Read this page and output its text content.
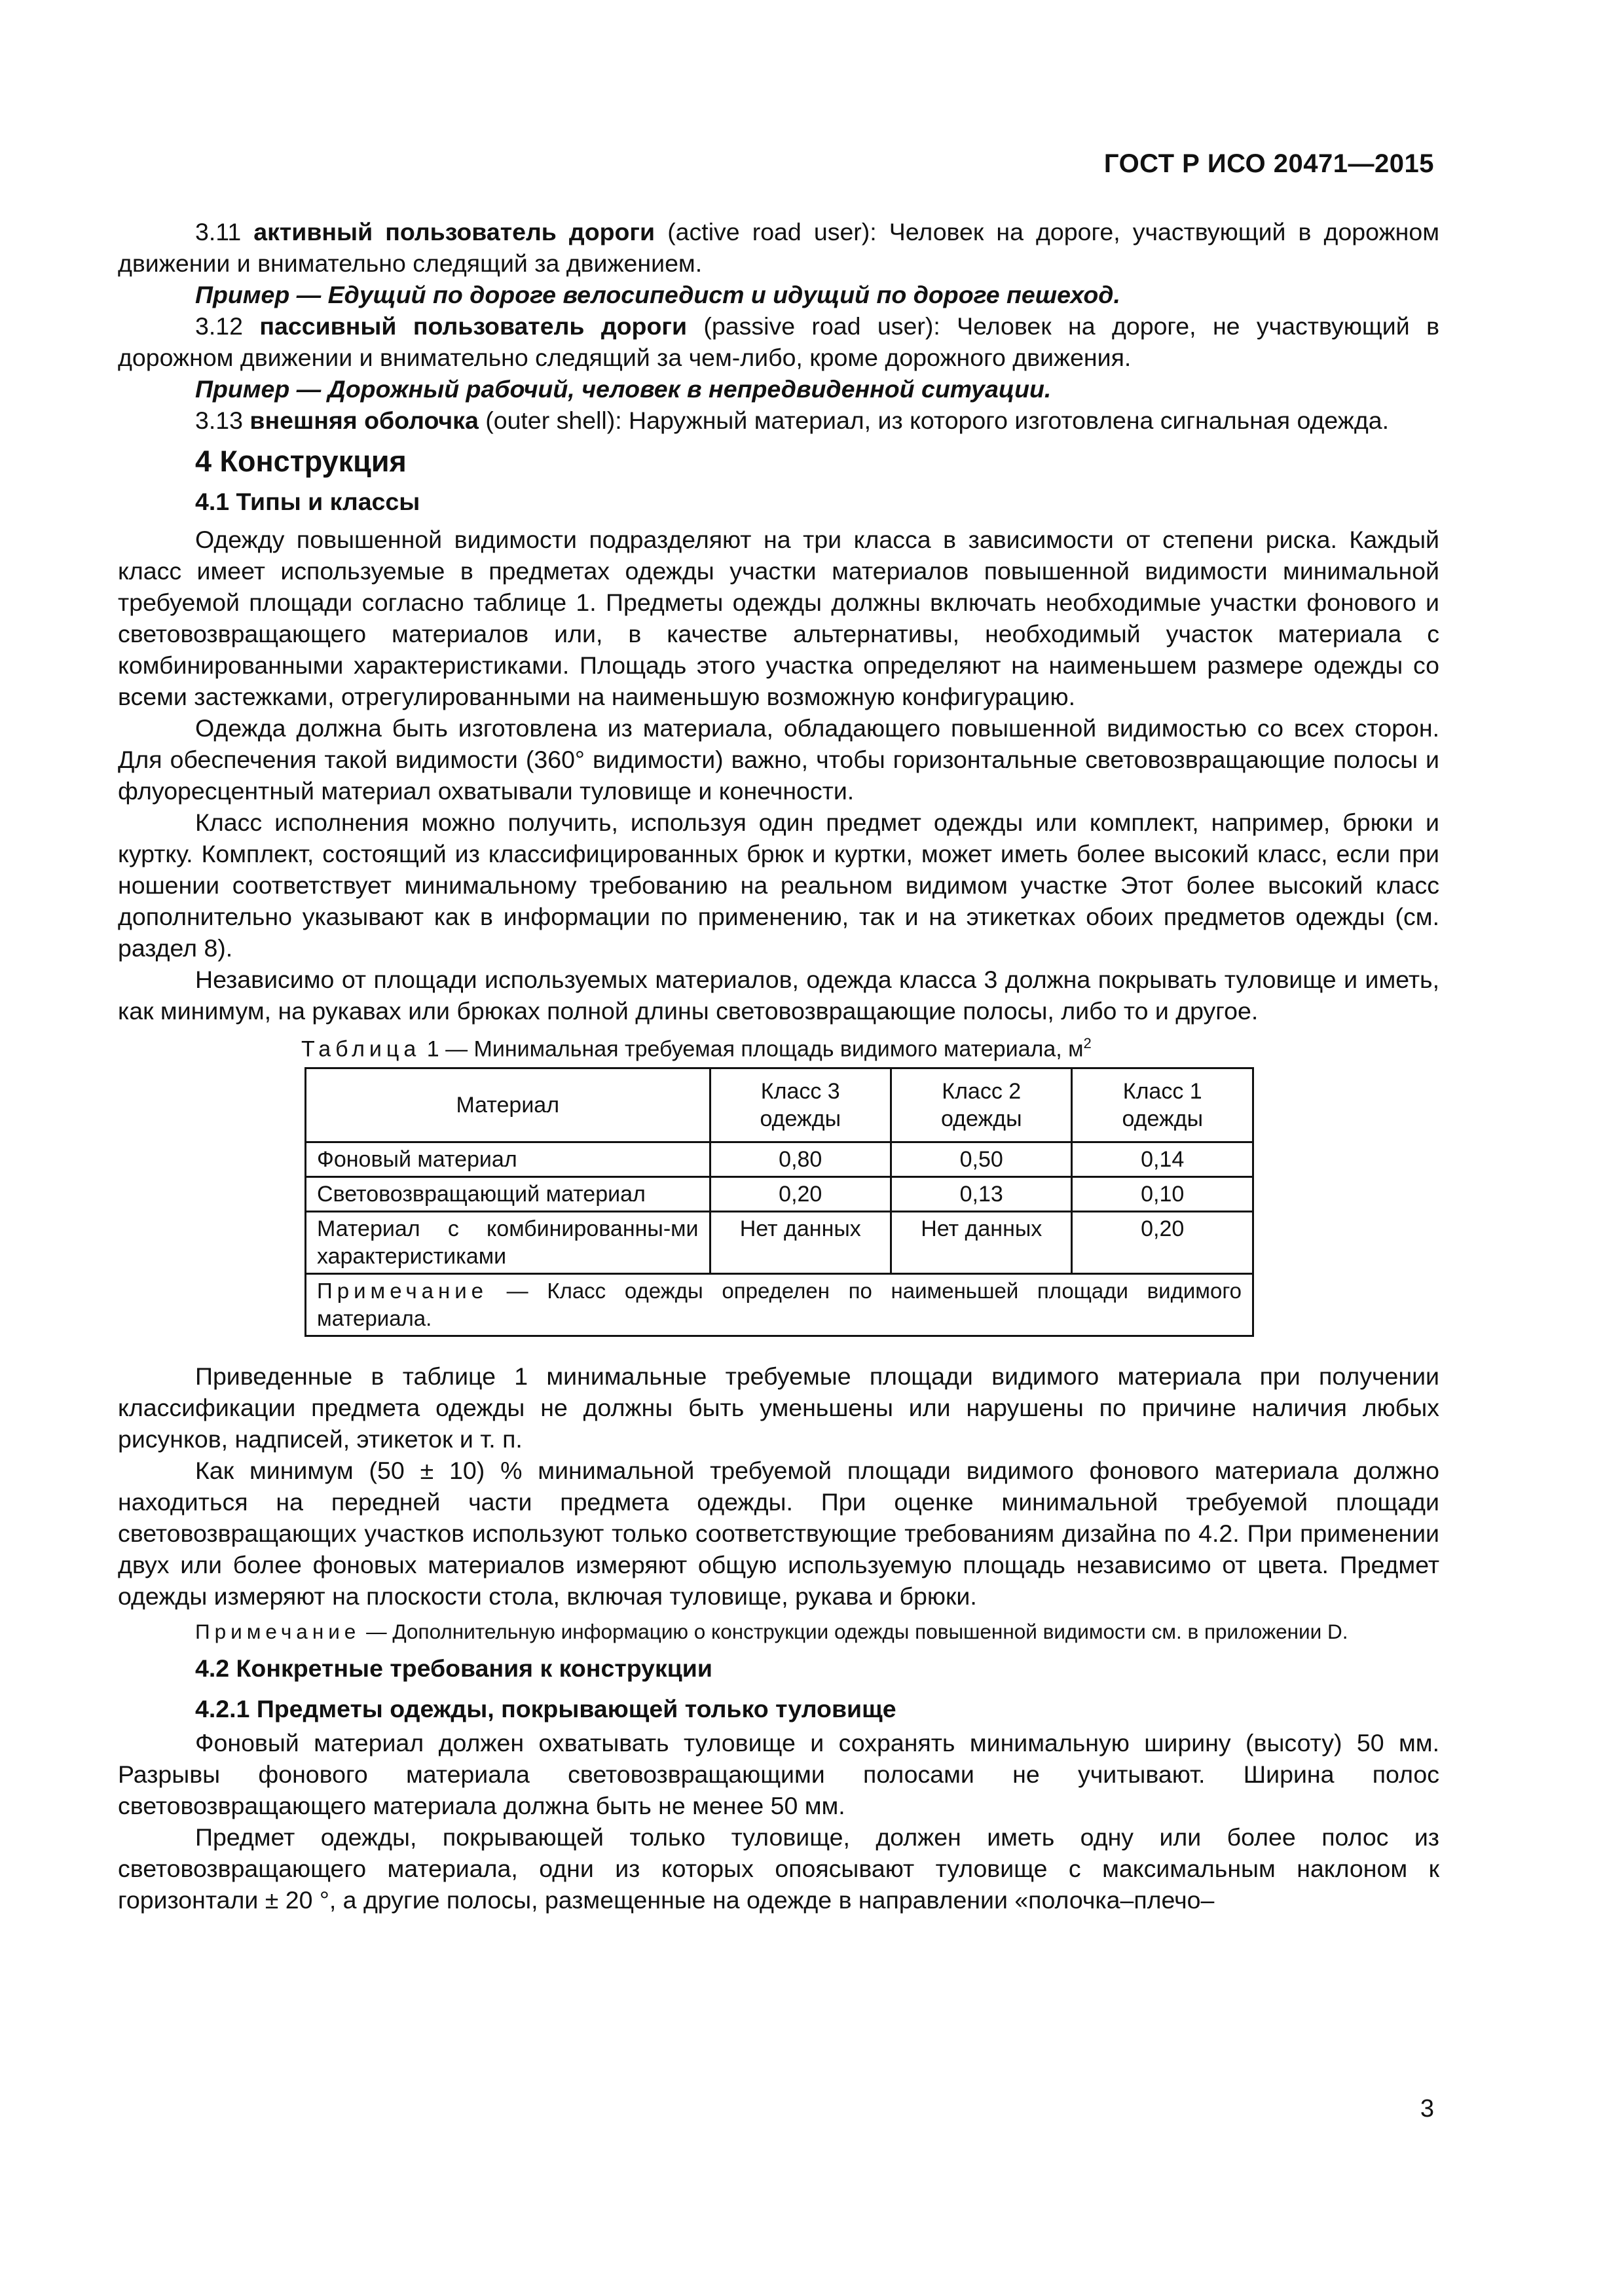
ГОСТ Р ИСО 20471—2015

3.11 активный пользователь дороги (active road user): Человек на дороге, участвующий в дорожном движении и внимательно следящий за движением.

Пример — Едущий по дороге велосипедист и идущий по дороге пешеход.

3.12 пассивный пользователь дороги (passive road user): Человек на дороге, не участвующий в дорожном движении и внимательно следящий за чем-либо, кроме дорожного движения.

Пример — Дорожный рабочий, человек в непредвиденной ситуации.

3.13 внешняя оболочка (outer shell): Наружный материал, из которого изготовлена сигнальная одежда.

4 Конструкция
4.1 Типы и классы

Одежду повышенной видимости подразделяют на три класса в зависимости от степени риска. Каждый класс имеет используемые в предметах одежды участки материалов повышенной видимости минимальной требуемой площади согласно таблице 1. Предметы одежды должны включать необходимые участки фонового и световозвращающего материалов или, в качестве альтернативы, необходимый участок материала с комбинированными характеристиками. Площадь этого участка определяют на наименьшем размере одежды со всеми застежками, отрегулированными на наименьшую возможную конфигурацию.

Одежда должна быть изготовлена из материала, обладающего повышенной видимостью со всех сторон. Для обеспечения такой видимости (360° видимости) важно, чтобы горизонтальные световозвращающие полосы и флуоресцентный материал охватывали туловище и конечности.

Класс исполнения можно получить, используя один предмет одежды или комплект, например, брюки и куртку. Комплект, состоящий из классифицированных брюк и куртки, может иметь более высокий класс, если при ношении соответствует минимальному требованию на реальном видимом участке Этот более высокий класс дополнительно указывают как в информации по применению, так и на этикетках обоих предметов одежды (см. раздел 8).

Независимо от площади используемых материалов, одежда класса 3 должна покрывать туловище и иметь, как минимум, на рукавах или брюках полной длины световозвращающие полосы, либо то и другое.

Таблица 1 — Минимальная требуемая площадь видимого материала, $м^2$
Материал	Класс 3 одежды	Класс 2 одежды	Класс 1 одежды
Фоновый материал	0,80	0,50	0,14
Световозвращающий материал	0,20	0,13	0,10
Материал с комбинированны-ми характеристиками	Нет данных	Нет данных	0,20
Примечание — Класс одежды определен по наименьшей площади видимого материала.			

Приведенные в таблице 1 минимальные требуемые площади видимого материала при получении классификации предмета одежды не должны быть уменьшены или нарушены по причине наличия любых рисунков, надписей, этикеток и т. п.

Как минимум (50 ± 10) % минимальной требуемой площади видимого фонового материала должно находиться на передней части предмета одежды. При оценке минимальной требуемой площади световозвращающих участков используют только соответствующие требованиям дизайна по 4.2. При применении двух или более фоновых материалов измеряют общую используемую площадь независимо от цвета. Предмет одежды измеряют на плоскости стола, включая туловище, рукава и брюки.

Примечание — Дополнительную информацию о конструкции одежды повышенной видимости см. в приложении D.

4.2 Конкретные требования к конструкции
4.2.1 Предметы одежды, покрывающей только туловище

Фоновый материал должен охватывать туловище и сохранять минимальную ширину (высоту) 50 мм. Разрывы фонового материала световозвращающими полосами не учитывают. Ширина полос световозвращающего материала должна быть не менее 50 мм.

Предмет одежды, покрывающей только туловище, должен иметь одну или более полос из световозвращающего материала, одни из которых опоясывают туловище с максимальным наклоном к горизонтали ± 20 °, а другие полосы, размещенные на одежде в направлении «полочка–плечо–

3
